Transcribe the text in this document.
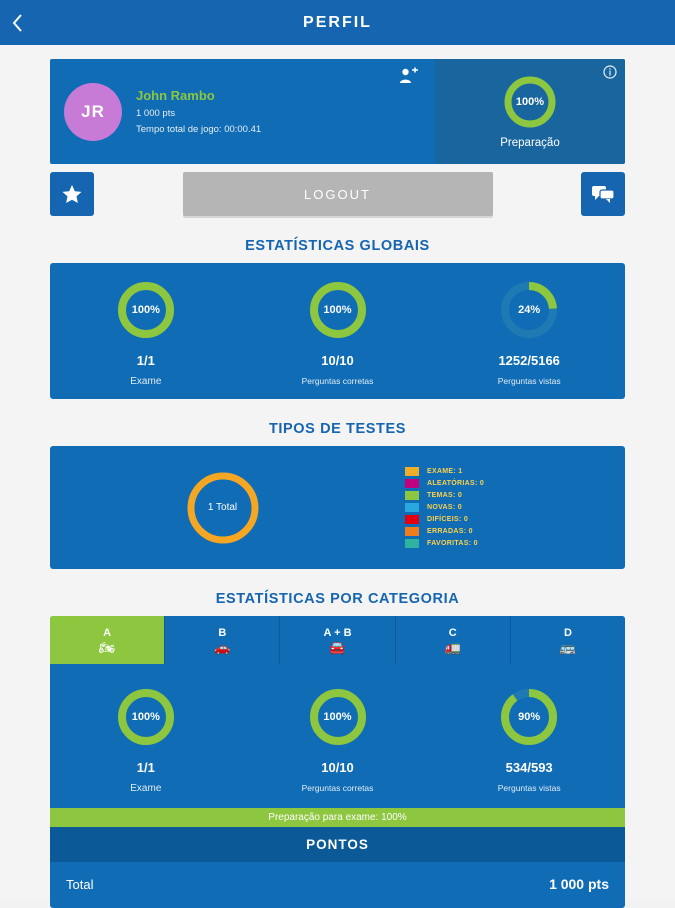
PERFIL
JR
John Rambo
1 000 pts
Tempo total de jogo: 00:00.41
100%
Preparação
LOGOUT
ESTATÍSTICAS GLOBAIS
100%
1/1
Exame
100%
10/10
Perguntas corretas
24%
1252/5166
Perguntas vistas
TIPOS DE TESTES
1 Total
EXAME: 1
ALEATÓRIAS: 0
TEMAS: 0
NOVAS: 0
DIFÍCEIS: 0
ERRADAS: 0
FAVORITAS: 0
ESTATÍSTICAS POR CATEGORIA
A
🏍
B
🚗
A + B
🚘
C
🚛
D
🚌
100%
1/1
Exame
100%
10/10
Perguntas corretas
90%
534/593
Perguntas vistas
Preparação para exame: 100%
PONTOS
Total	1 000 pts
